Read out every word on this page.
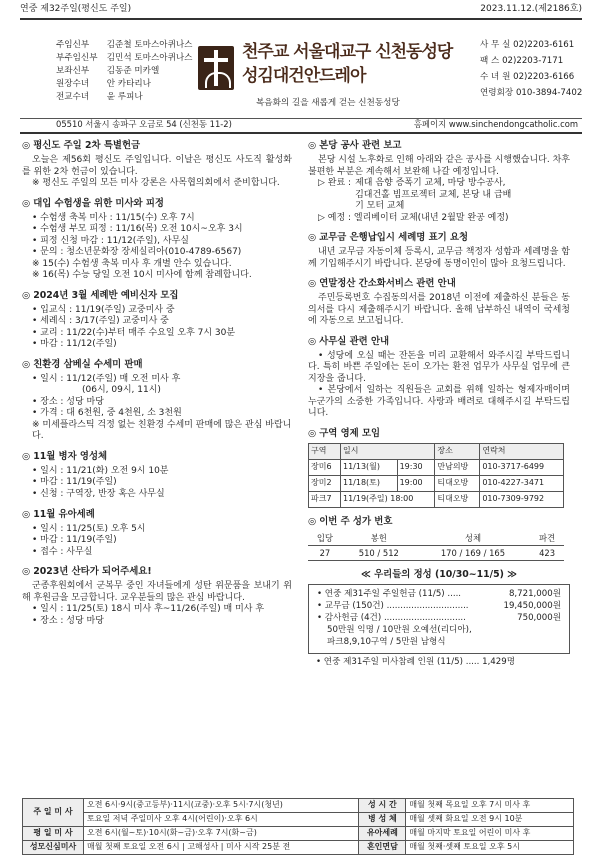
연중 제32주일(평신도 주일)	2023.11.12.(제2186호)
주임신부 김준철 토마스아퀴나스
부주임신부 김민석 토마스아퀴나스
보좌신부 김동준 미카엘
원장수녀 안 카타리나
전교수녀 윤 루피나
천주교 서울대교구 신천동성당
성김대건안드레아
복음화의 길을 새롭게 걷는 신천동성당
사 무 실 02)2203-6161
팩 스 02)2203-7171
수 녀 원 02)2203-6166
연령회장 010-3894-7402
05510 서울시 송파구 오금로 54 (신천동 11-2)	홈페이지 www.sinchendongcatholic.com
◎ 평신도 주일 2차 특별헌금
오늘은 제56회 평신도 주일입니다. 이날은 평신도 사도직 활성화를 위한 2차 헌금이 있습니다.
※ 평신도 주일의 모든 미사 강론은 사목협의회에서 준비합니다.
◎ 대입 수험생을 위한 미사와 피정
• 수험생 축복 미사 : 11/15(수) 오후 7시
• 수험생 부모 피정 : 11/16(목) 오전 10시~오후 3시
• 피정 신청 마감 : 11/12(주일), 사무실
• 문의 : 청소년문화장 장세실리아(010-4789-6567)
※ 15(수) 수험생 축복 미사 후 개별 안수 있습니다.
※ 16(목) 수능 당일 오전 10시 미사에 함께 참례합니다.
◎ 2024년 3월 세례반 예비신자 모집
• 입교식 : 11/19(주일) 교중미사 중
• 세례식 : 3/17(주일) 교중미사 중
• 교리 : 11/22(수)부터 매주 수요일 오후 7시 30분
• 마감 : 11/12(주일)
◎ 친환경 삼베실 수세미 판매
• 일시 : 11/12(주일) 매 오전 미사 후
(06시, 09시, 11시)
• 장소 : 성당 마당
• 가격 : 대 6천원, 중 4천원, 소 3천원
※ 미세플라스틱 걱정 없는 친환경 수세미 판매에 많은 관심 바랍니다.
◎ 11월 병자 영성체
• 일시 : 11/21(화) 오전 9시 10분
• 마감 : 11/19(주일)
• 신청 : 구역장, 반장 혹은 사무실
◎ 11월 유아세례
• 일시 : 11/25(토) 오후 5시
• 마감 : 11/19(주일)
• 접수 : 사무실
◎ 2023년 산타가 되어주세요!
군종후원회에서 군복무 중인 자녀들에게 성탄 위문품을 보내기 위해 후원금을 모금합니다. 교우분들의 많은 관심 바랍니다.
• 일시 : 11/25(토) 18시 미사 후~11/26(주일) 매 미사 후
• 장소 : 성당 마당
◎ 본당 공사 관련 보고
본당 시설 노후화로 인해 아래와 같은 공사를 시행했습니다. 차후 불편한 부분은 계속해서 보완해 나갈 예정입니다.
▷ 완료 : 제대 음향 증폭기 교체, 마당 방수공사,
김대건홀 빔프로젝터 교체, 본당 내 급배
기 모터 교체
▷ 예정 : 엘리베이터 교체(내년 2월말 완공 예정)
◎ 교무금 은행납입시 세례명 표기 요청
내년 교무금 자동이체 등록시, 교무금 책정자 성함과 세례명을 함께 기입해주시기 바랍니다. 본당에 동명이인이 많아 요청드립니다.
◎ 연말정산 간소화서비스 관련 안내
주민등록번호 수집동의서를 2018년 이전에 제출하신 분들은 동의서를 다시 제출해주시기 바랍니다. 올해 납부하신 내역이 국세청에 자동으로 보고됩니다.
◎ 사무실 관련 안내
• 성당에 오실 때는 잔돈을 미리 교환해서 와주시길 부탁드립니다. 특히 바쁜 주일에는 돈이 오가는 환전 업무가 사무실 업무에 큰 지장을 줍니다.
• 본당에서 일하는 직원들은 교회를 위해 일하는 형제자매이며 누군가의 소중한 가족입니다. 사랑과 배려로 대해주시길 부탁드립니다.
◎ 구역 영제 모임
구역	일시		장소	연락처
장미6	11/13(월)	19:30	만남의방	010-3717-6499
장미2	11/18(토)	19:00	티대오방	010-4227-3471
파크7	11/19(주일) 18:00		티대오방	010-7309-9792
◎ 이번 주 성가 번호
입당	봉헌	성체	파견
27	510 / 512	170 / 169 / 165	423
≪ 우리들의 정성 (10/30~11/5) ≫
• 연중 제31주일 주일헌금 (11/5) .....	8,721,000원
• 교무금 (150건) ..............................	19,450,000원
• 감사헌금 (4건) ..............................	750,000원
50만원 익명 / 10만원 오예선(리디아),
파크8,9,10구역 / 5만원 남형식
• 연중 제31주일 미사참례 인원 (11/5) ..... 1,429명
주 일 미 사	오전 6시·9시(중고등부)·11시(교중)·오후 5시·7시(청년)	성 시 간	매월 첫째 목요일 오후 7시 미사 후
	토요일 저녁 주일미사 오후 4시(어린이)·오후 6시	병 성 체	매월 셋째 화요일 오전 9시 10분
평 일 미 사	오전 6시(월~토)·10시(화~금)·오후 7시(화~금)	유아세례	매월 마지막 토요일 어린이 미사 후
성모신심미사	매월 첫째 토요일 오전 6시 | 고해성사 | 미사 시작 25분 전	혼인면담	매월 첫째·셋째 토요일 오후 5시
